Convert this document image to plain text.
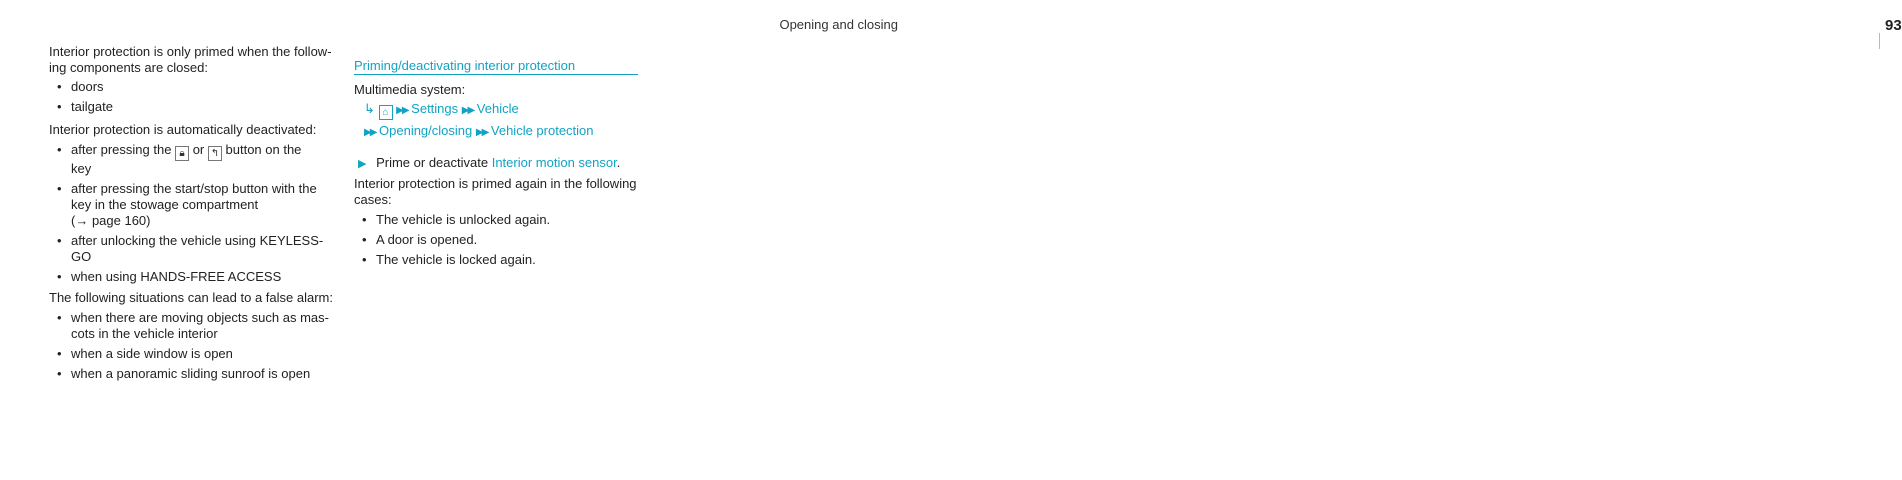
Opening and closing	93
Interior protection is only primed when the follow-
ing components are closed:
• doors
• tailgate
Interior protection is automatically deactivated:
• after pressing the 🔒︎ or ↰ button on the
key
• after pressing the start/stop button with the
key in the stowage compartment
(→ page 160)
• after unlocking the vehicle using KEYLESS-GO
• when using HANDS-FREE ACCESS
The following situations can lead to a false alarm:
• when there are moving objects such as mas-
cots in the vehicle interior
• when a side window is open
• when a panoramic sliding sunroof is open
Priming/deactivating interior protection
Multimedia system:
↳ ⌂ ▶▶ Settings ▶▶ Vehicle
▶▶ Opening/closing ▶▶ Vehicle protection
▶ Prime or deactivate Interior motion sensor.
Interior protection is primed again in the following
cases:
• The vehicle is unlocked again.
• A door is opened.
• The vehicle is locked again.
